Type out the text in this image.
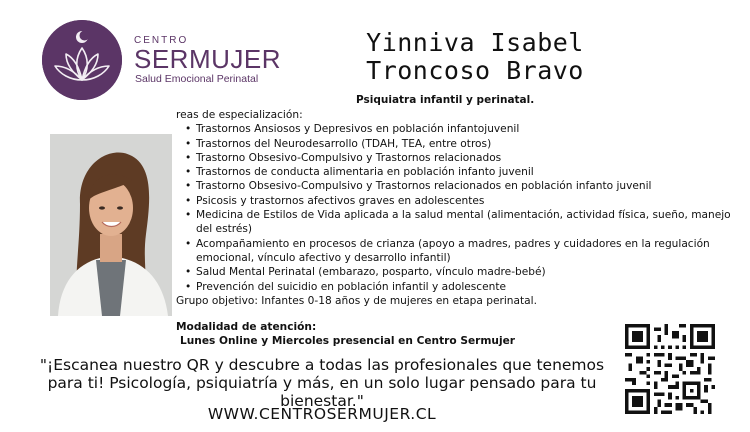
CENTRO
SERMUJER
Salud Emocional Perinatal
Yinniva Isabel
Troncoso Bravo
Psiquiatra infantil y perinatal.
reas de especialización:
• Trastornos Ansiosos y Depresivos en población infantojuvenil
• Trastornos del Neurodesarrollo (TDAH, TEA, entre otros)
• Trastorno Obsesivo-Compulsivo y Trastornos relacionados
• Trastornos de conducta alimentaria en población infanto juvenil
• Trastorno Obsesivo-Compulsivo y Trastornos relacionados en población infanto juvenil
• Psicosis y trastornos afectivos graves en adolescentes
• Medicina de Estilos de Vida aplicada a la salud mental (alimentación, actividad física, sueño, manejo del estrés)
• Acompañamiento en procesos de crianza (apoyo a madres, padres y cuidadores en la regulación emocional, vínculo afectivo y desarrollo infantil)
• Salud Mental Perinatal (embarazo, posparto, vínculo madre-bebé)
• Prevención del suicidio en población infantil y adolescente
Grupo objetivo: Infantes 0-18 años y de mujeres en etapa perinatal.
Modalidad de atención:
Lunes Online y Miercoles presencial en Centro Sermujer
"¡Escanea nuestro QR y descubre a todas las profesionales que tenemos para ti! Psicología, psiquiatría y más, en un solo lugar pensado para tu bienestar."
WWW.CENTROSERMUJER.CL
